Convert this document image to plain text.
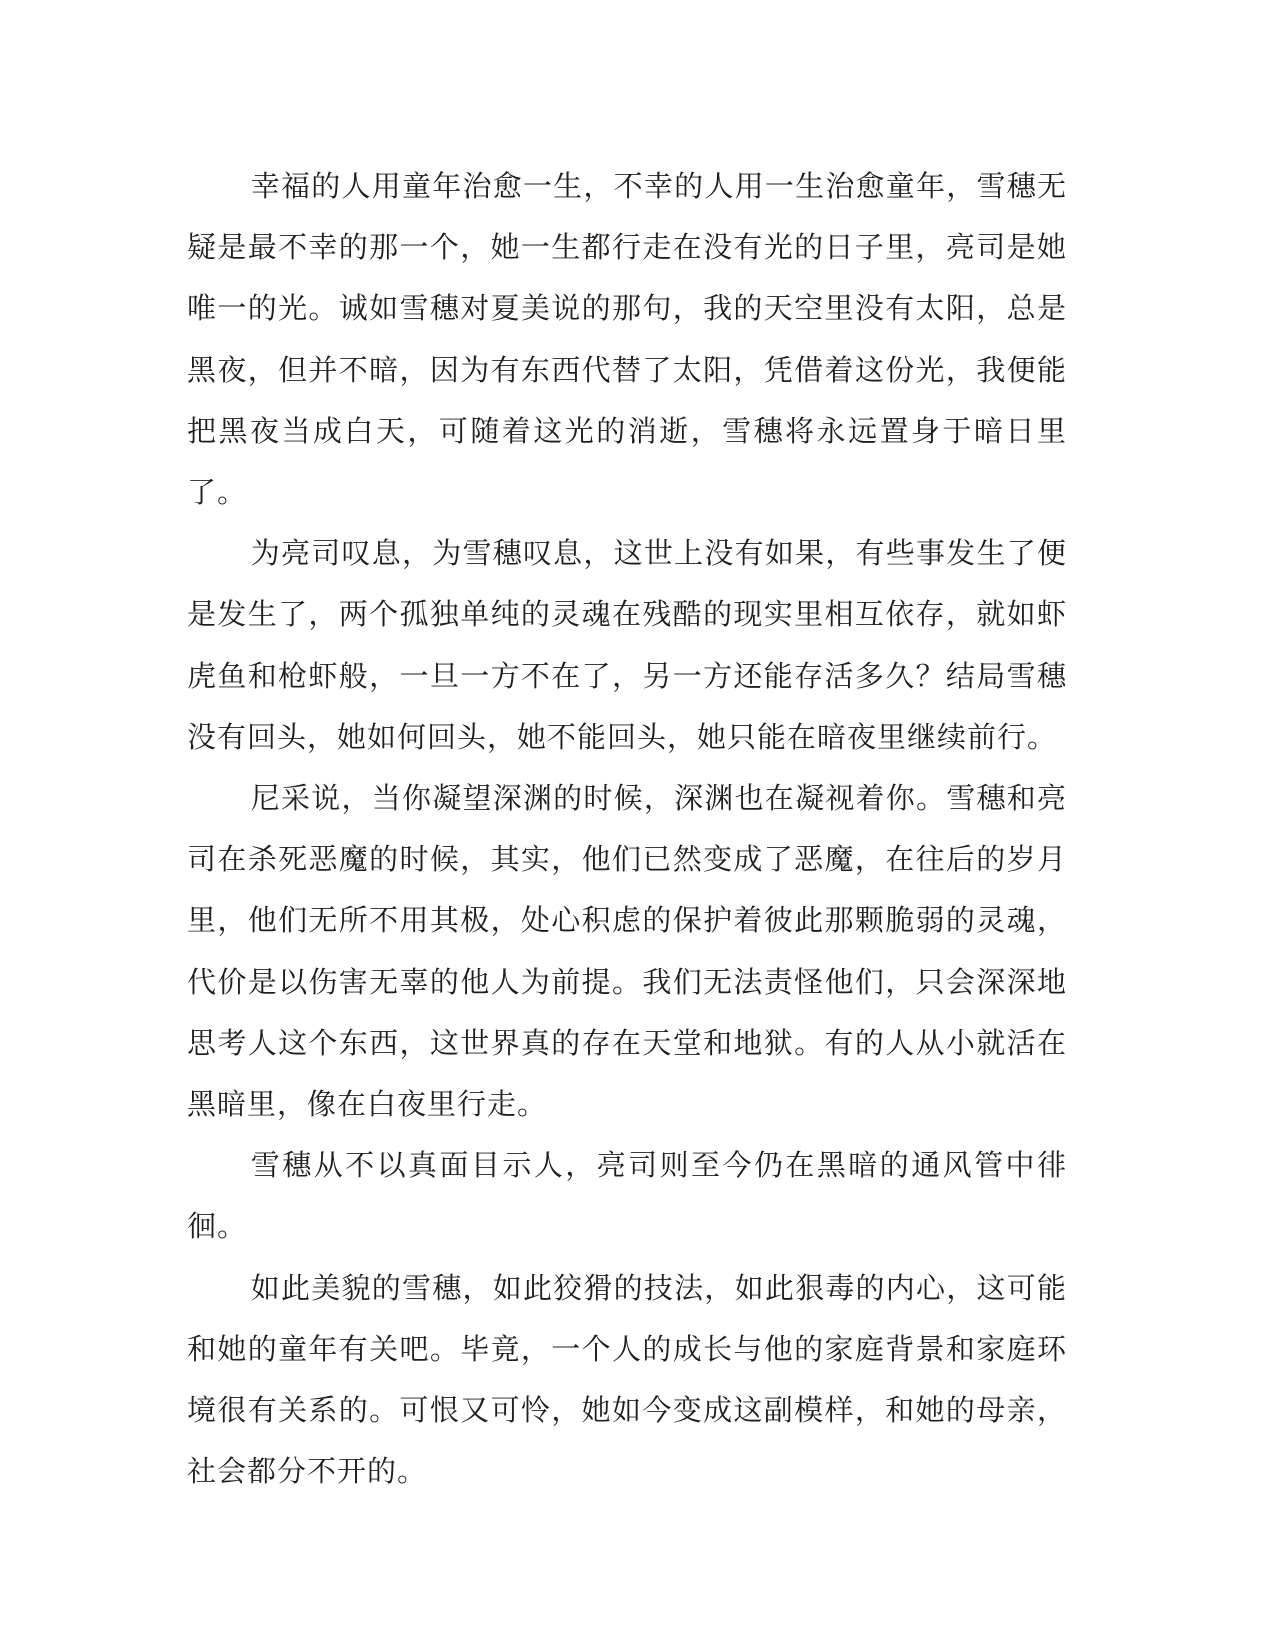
幸福的人用童年治愈一生，不幸的人用一生治愈童年，雪穗无疑是最不幸的那一个，她一生都行走在没有光的日子里，亮司是她唯一的光。诚如雪穗对夏美说的那句，我的天空里没有太阳，总是黑夜，但并不暗，因为有东西代替了太阳，凭借着这份光，我便能把黑夜当成白天，可随着这光的消逝，雪穗将永远置身于暗日里了。

为亮司叹息，为雪穗叹息，这世上没有如果，有些事发生了便是发生了，两个孤独单纯的灵魂在残酷的现实里相互依存，就如虾虎鱼和枪虾般，一旦一方不在了，另一方还能存活多久？结局雪穗没有回头，她如何回头，她不能回头，她只能在暗夜里继续前行。

尼采说，当你凝望深渊的时候，深渊也在凝视着你。雪穗和亮司在杀死恶魔的时候，其实，他们已然变成了恶魔，在往后的岁月里，他们无所不用其极，处心积虑的保护着彼此那颗脆弱的灵魂，代价是以伤害无辜的他人为前提。我们无法责怪他们，只会深深地思考人这个东西，这世界真的存在天堂和地狱。有的人从小就活在黑暗里，像在白夜里行走。

雪穗从不以真面目示人，亮司则至今仍在黑暗的通风管中徘徊。

如此美貌的雪穗，如此狡猾的技法，如此狠毒的内心，这可能和她的童年有关吧。毕竟，一个人的成长与他的家庭背景和家庭环境很有关系的。可恨又可怜，她如今变成这副模样，和她的母亲，社会都分不开的。
